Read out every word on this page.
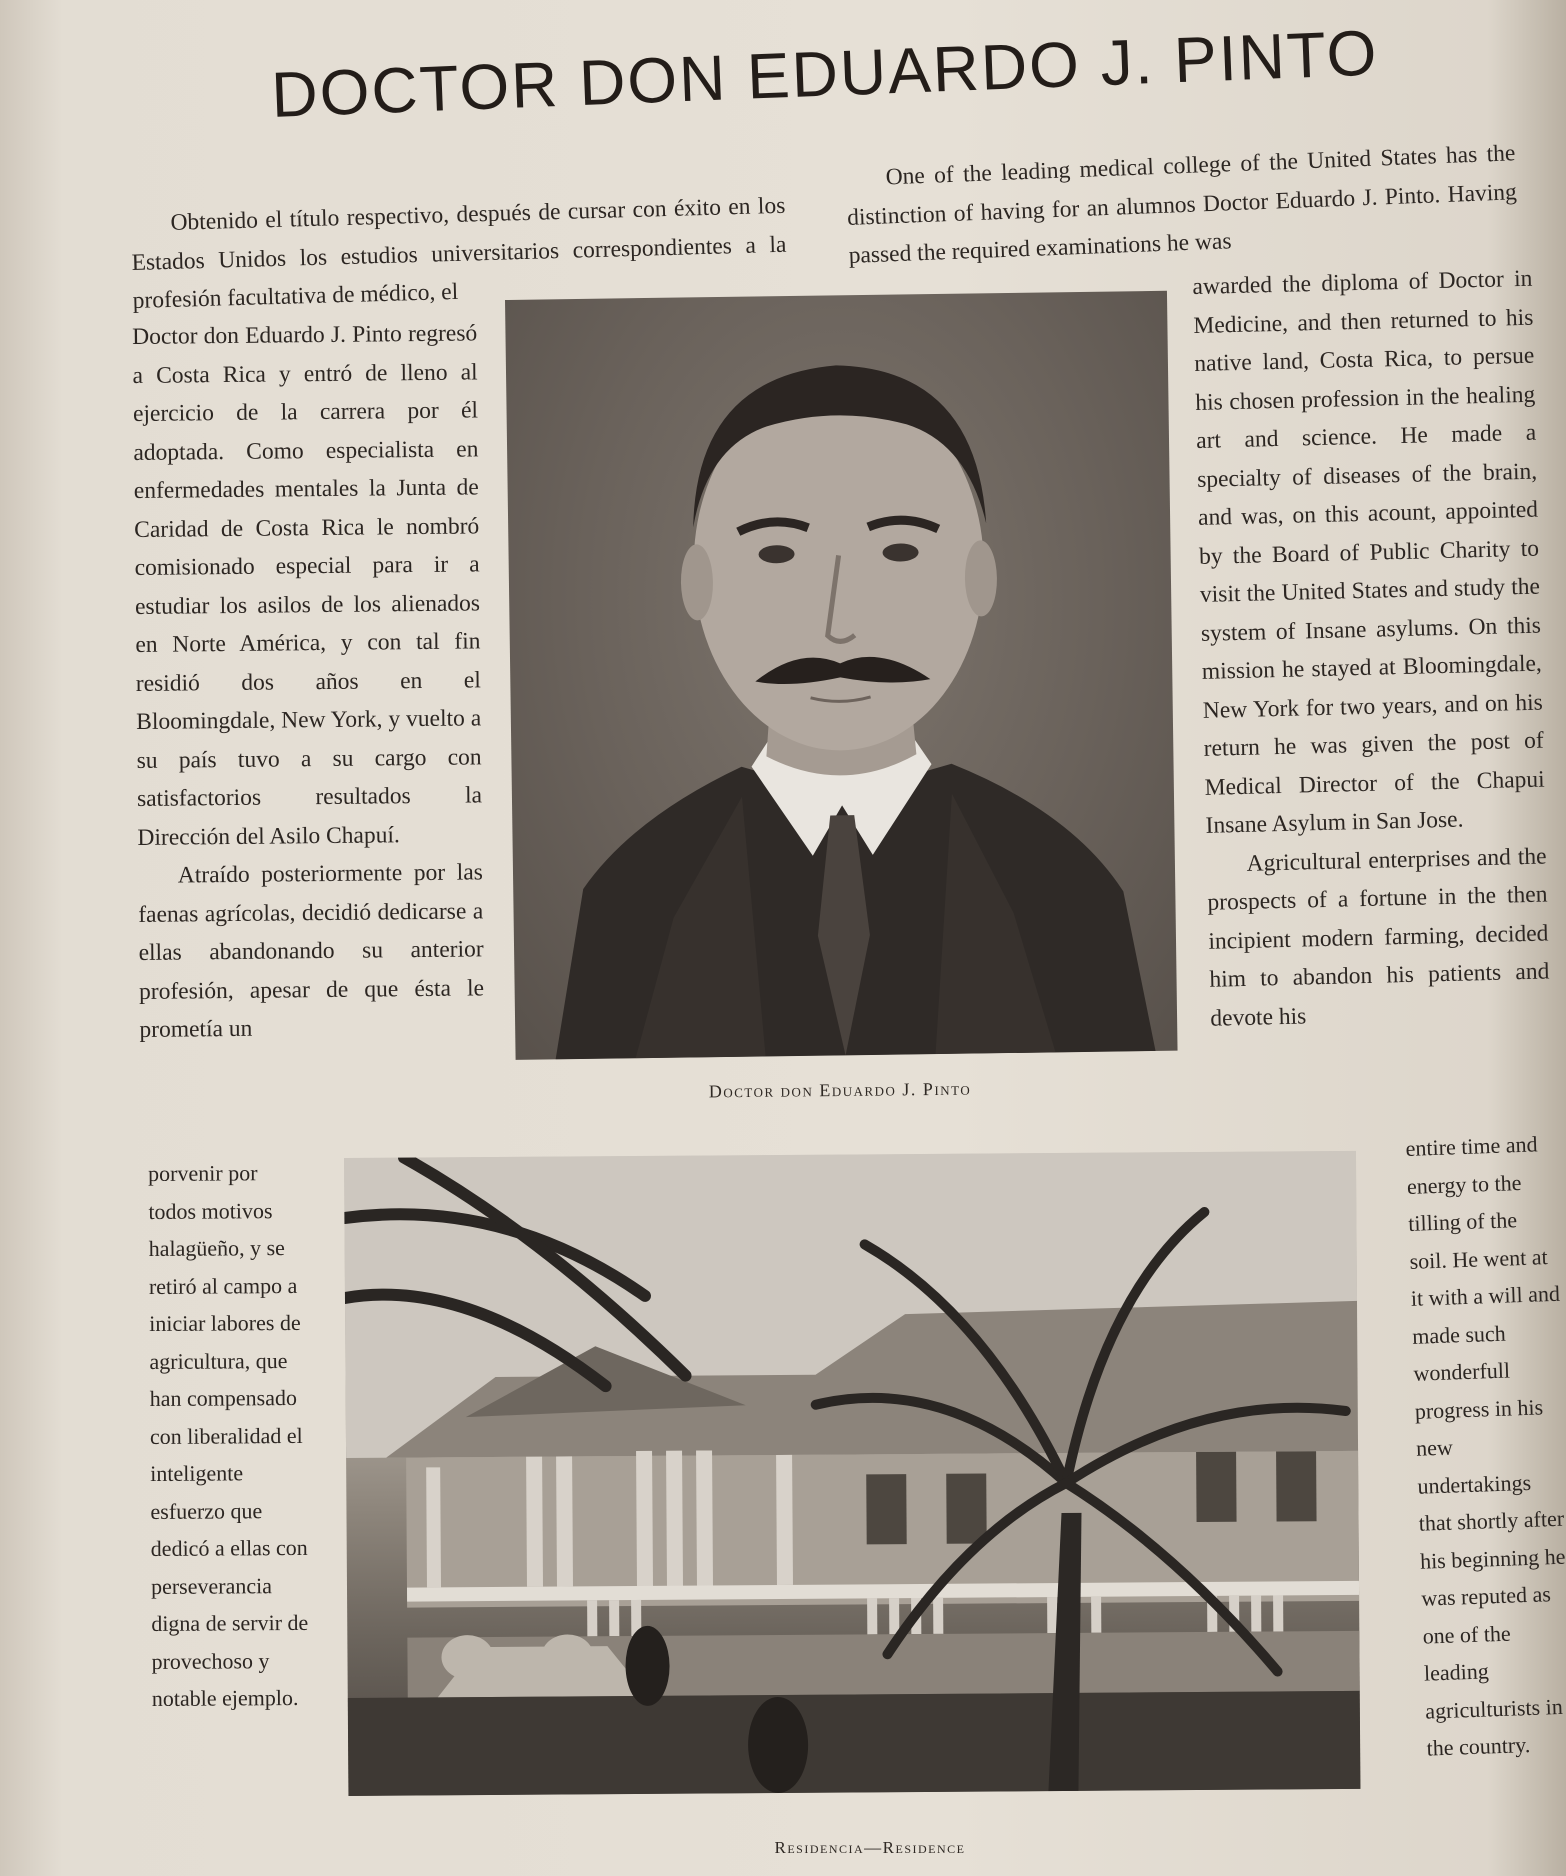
DOCTOR DON EDUARDO J. PINTO

Obtenido el título respectivo, después de cursar con éxito en los Estados Unidos los estudios universitarios correspondientes a la profesión facultativa de médico, el

One of the leading medical college of the United States has the distinction of having for an alumnos Doctor Eduardo J. Pinto. Having passed the required examinations he was

Doctor don Eduardo J. Pinto regresó a Costa Rica y entró de lleno al ejercicio de la carrera por él adoptada. Como especialista en enfermedades mentales la Junta de Caridad de Costa Rica le nombró comisionado especial para ir a estudiar los asilos de los alienados en Norte América, y con tal fin residió dos años en el Bloomingdale, New York, y vuelto a su país tuvo a su cargo con satisfactorios resultados la Dirección del Asilo Chapuí.

Atraído posteriormente por las faenas agrícolas, decidió dedicarse a ellas abandonando su anterior profesión, apesar de que ésta le prometía un

awarded the diploma of Doctor in Medicine, and then returned to his native land, Costa Rica, to persue his chosen profession in the healing art and science. He made a specialty of diseases of the brain, and was, on this acount, appointed by the Board of Public Charity to visit the United States and study the system of Insane asylums. On this mission he stayed at Bloomingdale, New York for two years, and on his return he was given the post of Medical Director of the Chapui Insane Asylum in San Jose.

Agricultural enterprises and the prospects of a fortune in the then incipient modern farming, decided him to abandon his patients and devote his

Doctor don Eduardo J. Pinto

porvenir por todos motivos halagüeño, y se retiró al campo a iniciar labores de agricultura, que han compensado con liberalidad el inteligente esfuerzo que dedicó a ellas con perseverancia digna de servir de provechoso y notable ejemplo.

Residencia—Residence

entire time and energy to the tilling of the soil. He went at it with a will and made such wonderfull progress in his new undertakings that shortly after his beginning he was reputed as one of the leading agriculturists in the country.
